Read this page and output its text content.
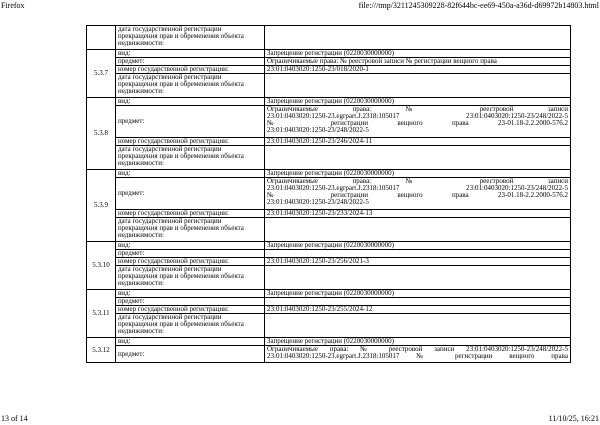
Firefox	file:///tmp/3211245309228-82f644bc-ee69-450a-a36d-d69972b14803.html
	дата государственной регистрации прекращения прав и обременения объекта недвижимости:	
5.3.7	вид:	Запрещение регистрации (0220030000000)
	предмет:	Ограничиваемые права: № реестровой записи № регистрации вещного права
	номер государственной регистрации:	23:01:0403020:1250-23/018/2020-1
	дата государственной регистрации прекращения прав и обременения объекта недвижимости:	
5.3.8	вид:	Запрещение регистрации (0220030000000)
	предмет:	Ограничиваемые права: № реестровой записи
23:01:0403020:1250-23.egrpart.J.2318:105017 23:01:0403020:1250-23/248/2022-5
№ регистрации вещного права 23-01.18-2.2.2000-576.2

23:01:0403020:1250-23/248/2022-5

	номер государственной регистрации:	23:01:0403020:1250-23/246/2024-11
	дата государственной регистрации прекращения прав и обременения объекта недвижимости:	
5.3.9	вид:	Запрещение регистрации (0220030000000)
	предмет:	Ограничиваемые права: № реестровой записи
23:01:0403020:1250-23.egrpart.J.2318:105017 23:01:0403020:1250-23/248/2022-5
№ регистрации вещного права 23-01.18-2.2.2000-576.2

23:01:0403020:1250-23/248/2022-5

	номер государственной регистрации:	23:01:0403020:1250-23/233/2024-13
	дата государственной регистрации прекращения прав и обременения объекта недвижимости:	
5.3.10	вид:	Запрещение регистрации (0220030000000)
	предмет:	
	номер государственной регистрации:	23:01:0403020:1250-23/256/2021-3
	дата государственной регистрации прекращения прав и обременения объекта недвижимости:	
5.3.11	вид:	Запрещение регистрации (0220030000000)
	предмет:	
	номер государственной регистрации:	23:01:0403020:1250-23/255/2024-12
	дата государственной регистрации прекращения прав и обременения объекта недвижимости:	
5.3.12	вид:	Запрещение регистрации (0220030000000)
	предмет:	Ограничиваемые права: № реестровой записи 23:01:0403020:1250-23/248/2022-5
23:01:0403020:1250-23.egrpart.J.2318:105017 № регистрации вещного права
13 of 14	11/10/25, 16:21
